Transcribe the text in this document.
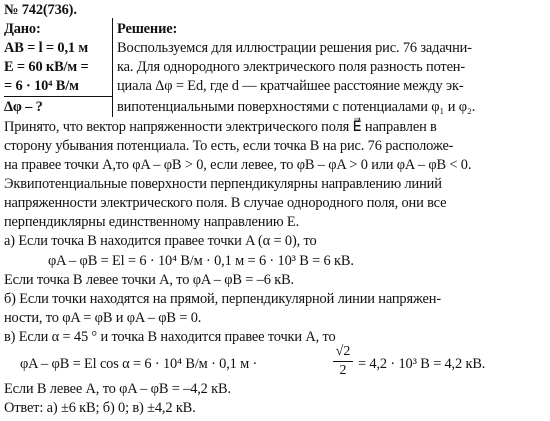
№ 742(736).
Дано:	Решение:
AB = l = 0,1 м
E = 60 кВ/м =
= 6 · 10⁴ В/м
Δφ – ?
Воспользуемся для иллюстрации решения рис. 76 задачни-
ка. Для однородного электрического поля разность потен-
циала Δφ = Ed, где d — кратчайшее расстояние между эк-
випотенциальными поверхностями с потенциалами φ₁ и φ₂.
Принято, что вектор напряженности электрического поля E⃗ направлен в
сторону убывания потенциала. То есть, если точка B на рис. 76 расположе-
на правее точки A,то φA – φB > 0, если левее, то φB – φA > 0 или φA – φB < 0.
Эквипотенциальные поверхности перпендикулярны направлению линий
напряженности электрического поля. В случае однородного поля, они все
перпендиклярны единственному направлению E.
а) Если точка B находится правее точки A (α = 0), то
φA – φB = El = 6 · 10⁴ В/м · 0,1 м = 6 · 10³ В = 6 кВ.
Если точка B левее точки A, то φA – φB = –6 кВ.
б) Если точки находятся на прямой, перпендикулярной линии напряжен-
ности, то φA = φB и φA – φB = 0.
в) Если α = 45 ° и точка B находится правее точки A, то
φA – φB = El cos α = 6 · 10⁴ В/м · 0,1 м ·
√2
2 = 4,2 · 10³ В = 4,2 кВ.
Если B левее A, то φA – φB = –4,2 кВ.
Ответ: а) ±6 кВ; б) 0; в) ±4,2 кВ.
